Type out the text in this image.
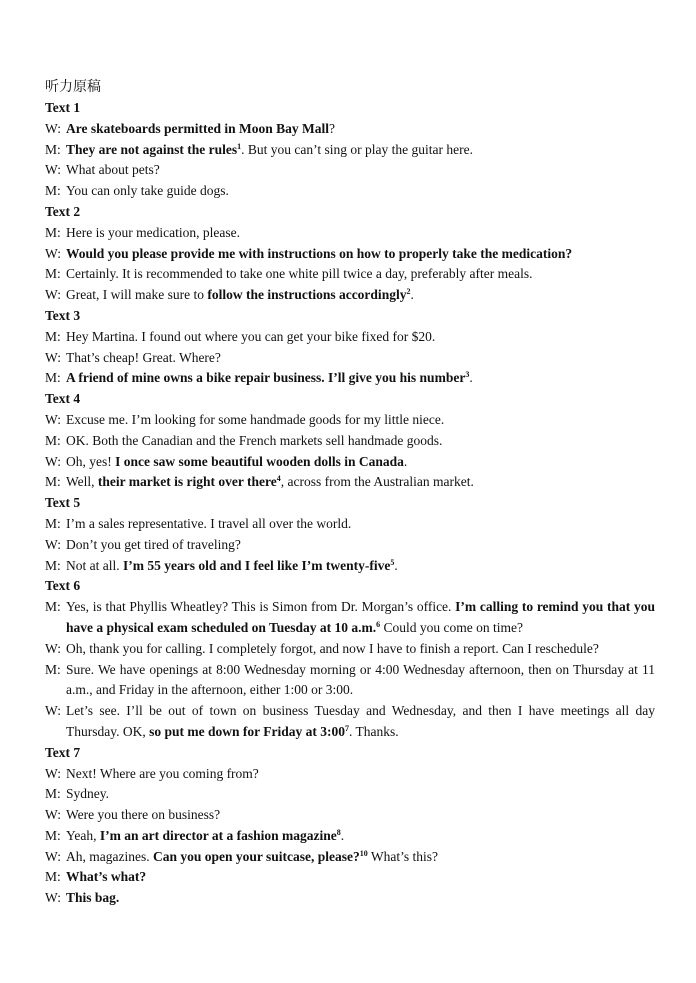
听力原稿
Text 1
W: Are skateboards permitted in Moon Bay Mall?
M: They are not against the rules$^1$. But you can’t sing or play the guitar here.
W: What about pets?
M: You can only take guide dogs.
Text 2
M: Here is your medication, please.
W: Would you please provide me with instructions on how to properly take the medication?
M: Certainly. It is recommended to take one white pill twice a day, preferably after meals.
W: Great, I will make sure to follow the instructions accordingly$^2$.
Text 3
M: Hey Martina. I found out where you can get your bike fixed for $20.
W: That’s cheap! Great. Where?
M: A friend of mine owns a bike repair business. I’ll give you his number$^3$.
Text 4
W: Excuse me. I’m looking for some handmade goods for my little niece.
M: OK. Both the Canadian and the French markets sell handmade goods.
W: Oh, yes! I once saw some beautiful wooden dolls in Canada.
M: Well, their market is right over there$^4$, across from the Australian market.
Text 5
M: I’m a sales representative. I travel all over the world.
W: Don’t you get tired of traveling?
M: Not at all. I’m 55 years old and I feel like I’m twenty-five$^5$.
Text 6
M: Yes, is that Phyllis Wheatley? This is Simon from Dr. Morgan’s office. I’m calling to remind you that you have a physical exam scheduled on Tuesday at 10 a.m.$^6$ Could you come on time?
W: Oh, thank you for calling. I completely forgot, and now I have to finish a report. Can I reschedule?
M: Sure. We have openings at 8:00 Wednesday morning or 4:00 Wednesday afternoon, then on Thursday at 11 a.m., and Friday in the afternoon, either 1:00 or 3:00.
W: Let’s see. I’ll be out of town on business Tuesday and Wednesday, and then I have meetings all day Thursday. OK, so put me down for Friday at $3:00^7$. Thanks.
Text 7
W: Next! Where are you coming from?
M: Sydney.
W: Were you there on business?
M: Yeah, I’m an art director at a fashion magazine$^8$.
W: Ah, magazines. Can you open your suitcase, please?$^{10}$ What’s this?
M: What’s what?
W: This bag.
